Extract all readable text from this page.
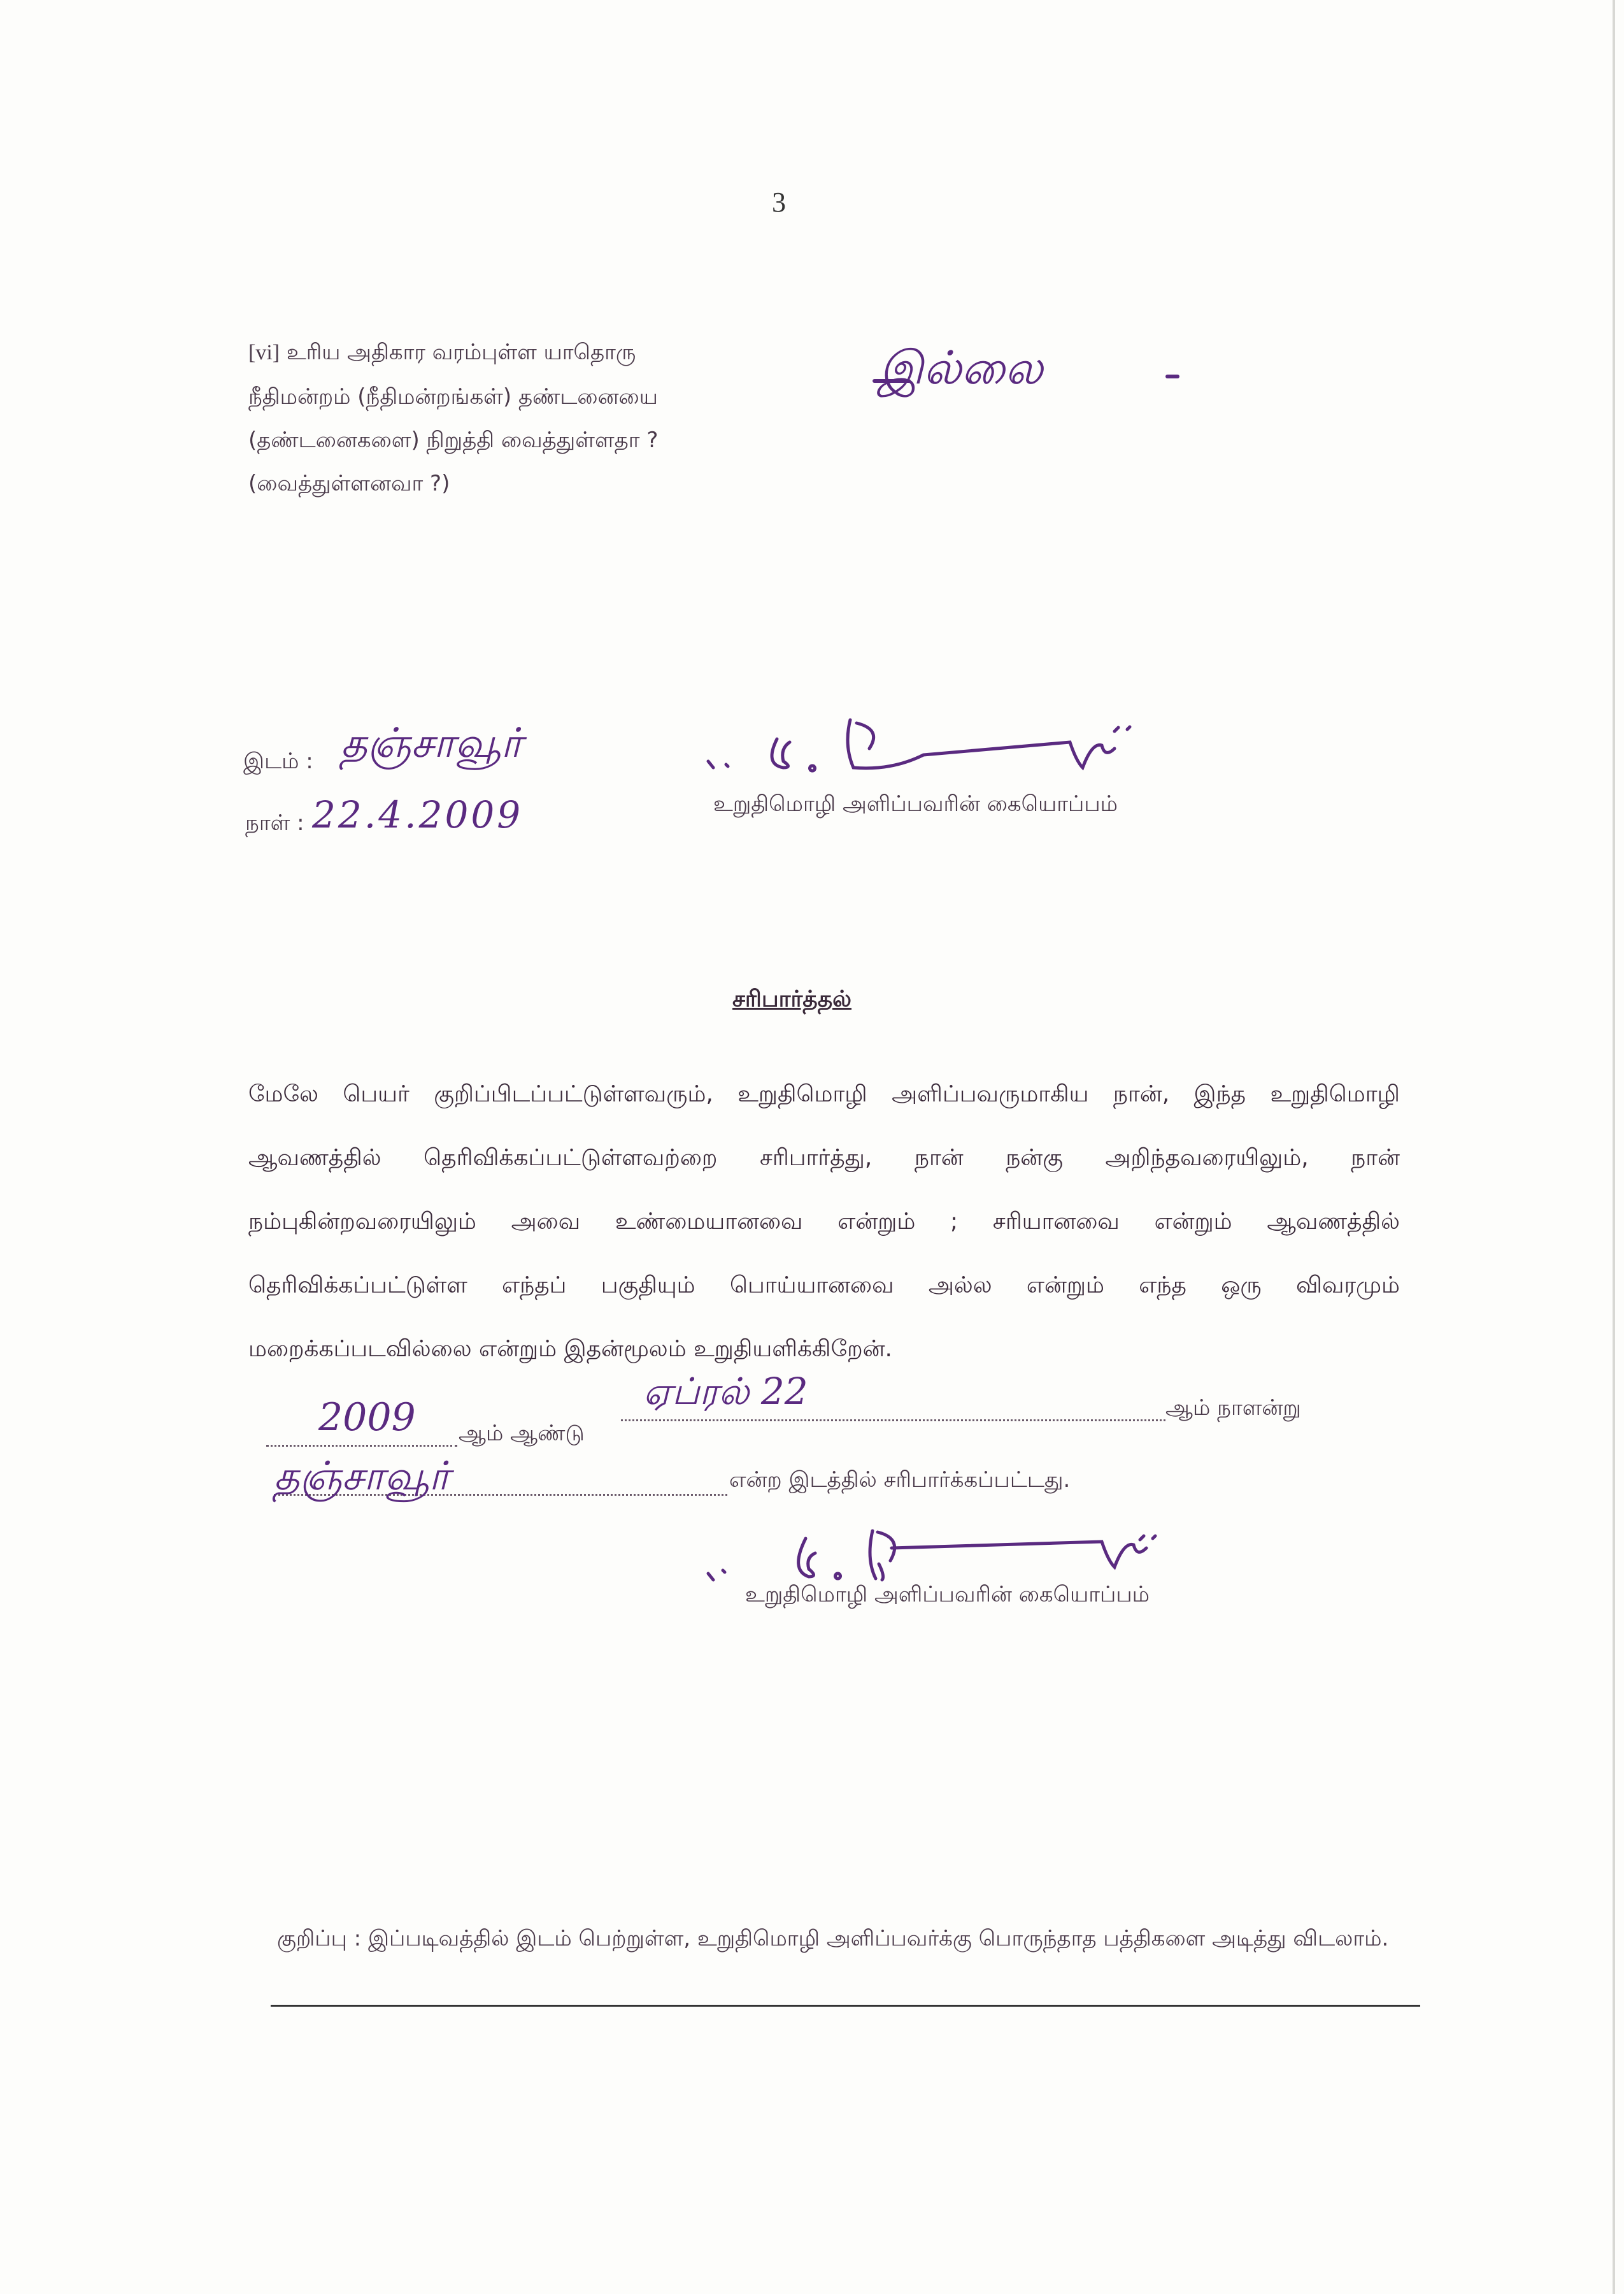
3
[vi] உரிய அதிகார வரம்புள்ள யாதொரு
நீதிமன்றம் (நீதிமன்றங்கள்) தண்டனையை
(தண்டனைகளை) நிறுத்தி வைத்துள்ளதா ?
(வைத்துள்ளனவா ?)
இல்லை
இடம் : தஞ்சாவூர்
நாள் : 22.4.2009	உறுதிமொழி அளிப்பவரின் கையொப்பம்
சரிபார்த்தல்
மேலே பெயர் குறிப்பிடப்பட்டுள்ளவரும், உறுதிமொழி அளிப்பவருமாகிய நான், இந்த உறுதிமொழி ஆவணத்தில் தெரிவிக்கப்பட்டுள்ளவற்றை சரிபார்த்து, நான் நன்கு அறிந்தவரையிலும், நான் நம்புகின்றவரையிலும் அவை உண்மையானவை என்றும் ; சரியானவை என்றும் ஆவணத்தில் தெரிவிக்கப்பட்டுள்ள எந்தப் பகுதியும் பொய்யானவை அல்ல என்றும் எந்த ஒரு விவரமும் மறைக்கப்படவில்லை என்றும் இதன்மூலம் உறுதியளிக்கிறேன்.
2009 ஆம் ஆண்டு
ஏப்ரல் 22	ஆம் நாளன்று
தஞ்சாவூர்	என்ற இடத்தில் சரிபார்க்கப்பட்டது.
உறுதிமொழி அளிப்பவரின் கையொப்பம்
குறிப்பு : இப்படிவத்தில் இடம் பெற்றுள்ள, உறுதிமொழி அளிப்பவர்க்கு பொருந்தாத பத்திகளை அடித்து விடலாம்.
